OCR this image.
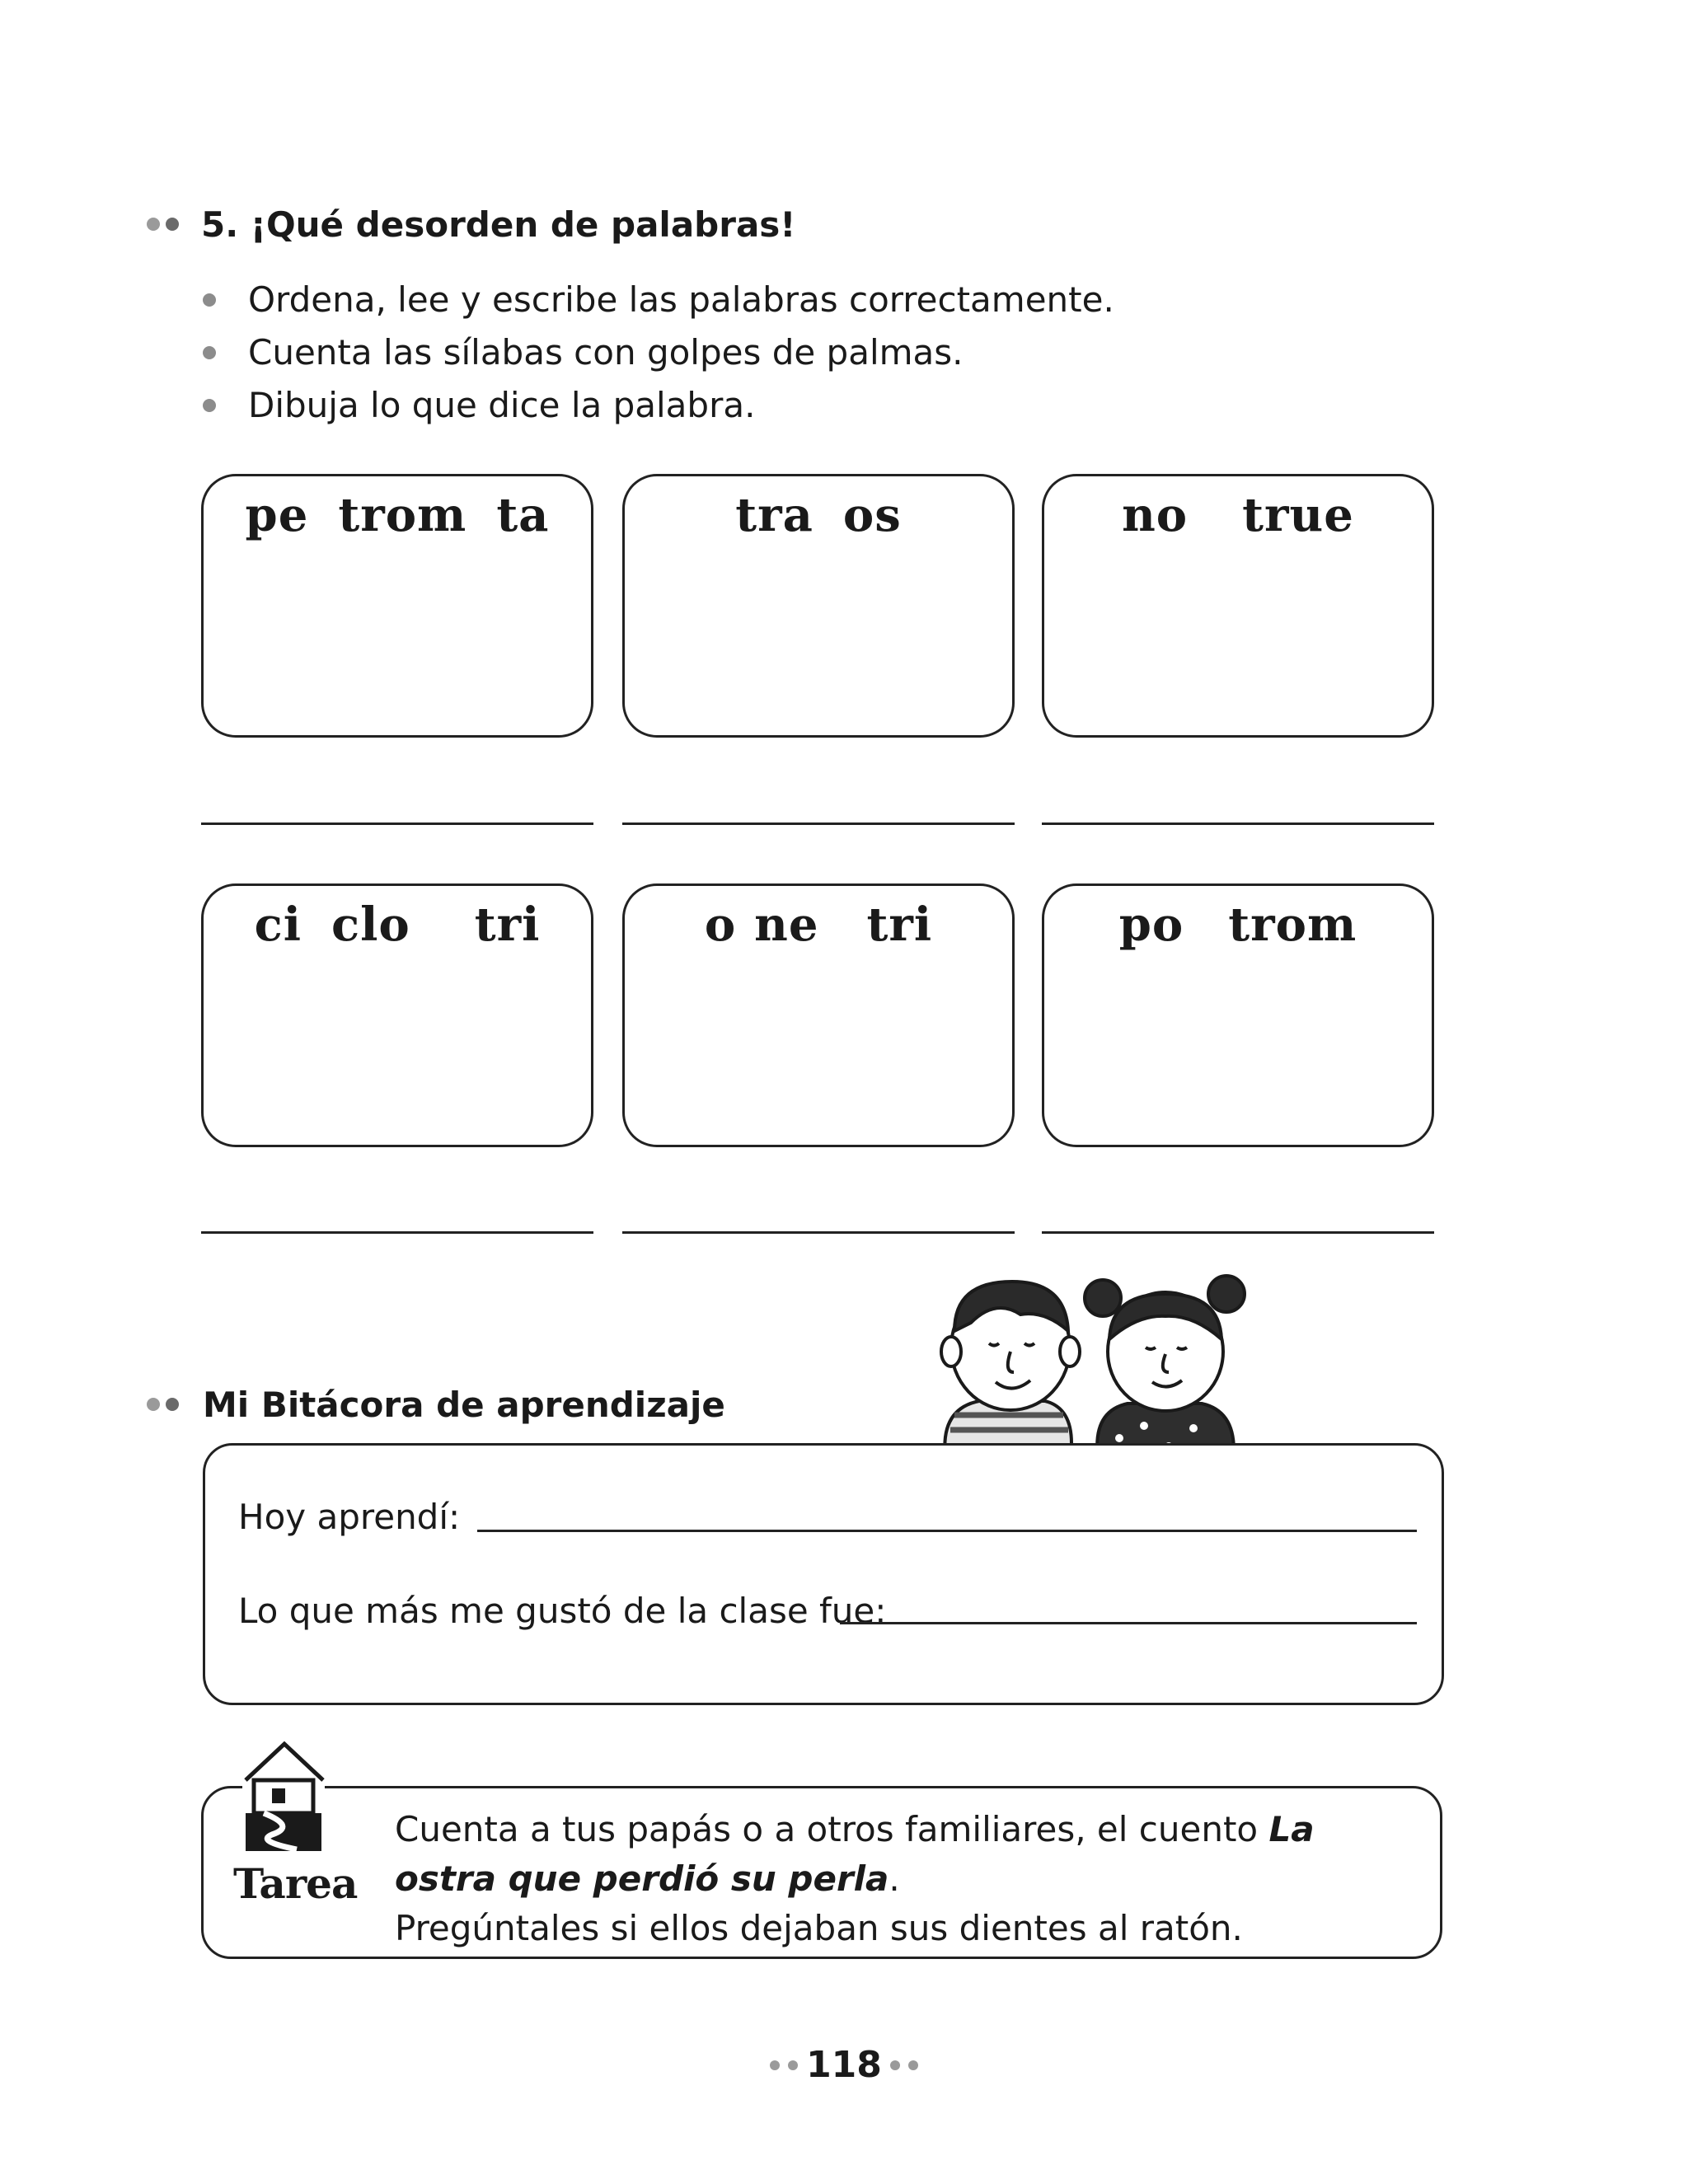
5. ¡Qué desorden de palabras!
Ordena, lee y escribe las palabras correctamente.
Cuenta las sílabas con golpes de palmas.
Dibuja lo que dice la palabra.
pe trom ta	tra os	no true
ci clo tri	o ne tri	po trom
Mi Bitácora de aprendizaje
Hoy aprendí:
Lo que más me gustó de la clase fue:
Tarea
Cuenta a tus papás o a otros familiares, el cuento La ostra que perdió su perla.
Pregúntales si ellos dejaban sus dientes al ratón.
118
